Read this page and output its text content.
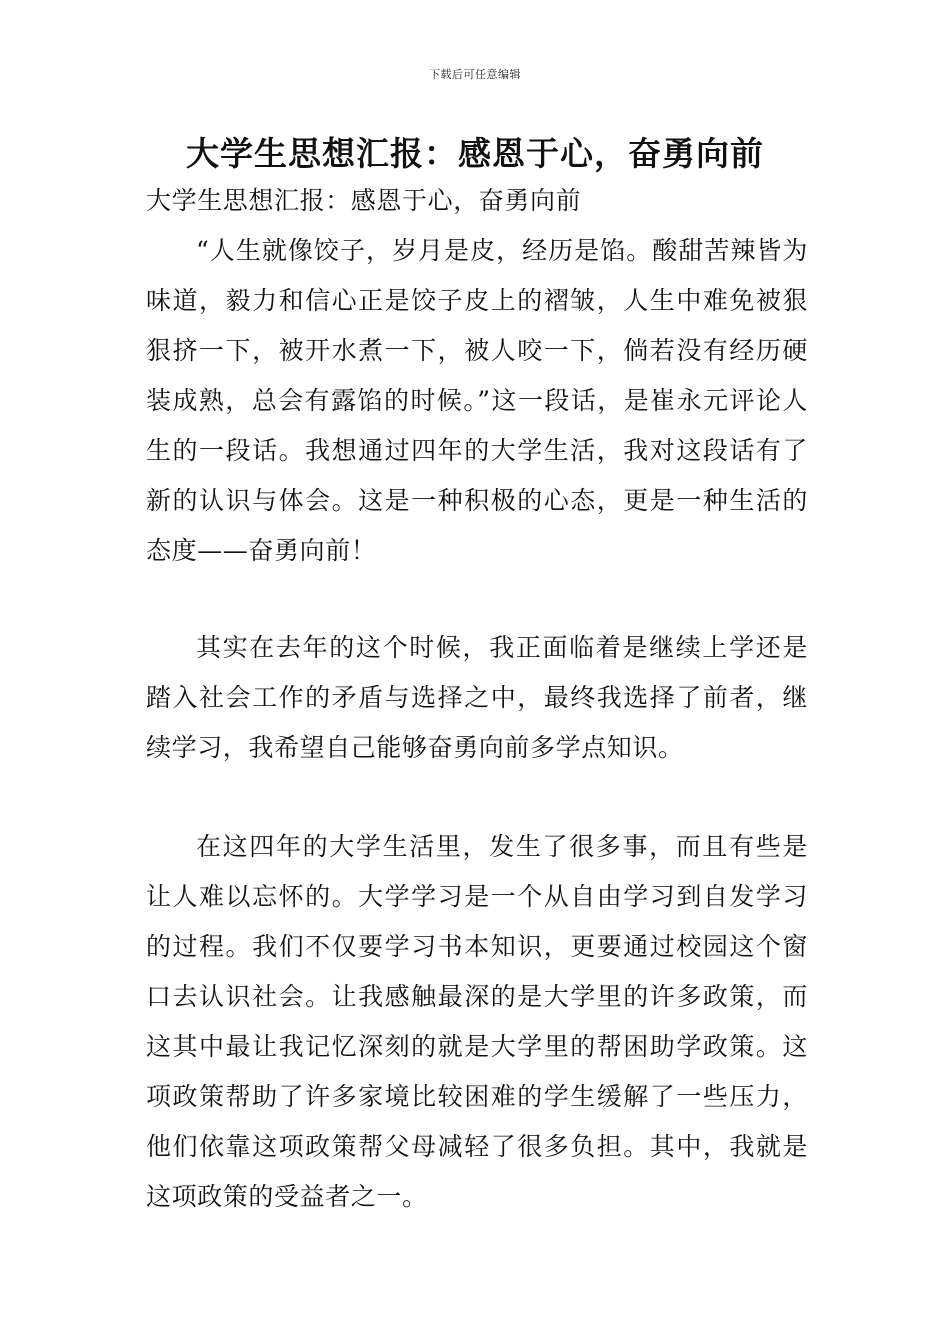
下载后可任意编辑
大学生思想汇报：感恩于心，奋勇向前
大学生思想汇报：感恩于心，奋勇向前
“人生就像饺子，岁月是皮，经历是馅。酸甜苦辣皆为味道，毅力和信心正是饺子皮上的褶皱，人生中难免被狠狠挤一下，被开水煮一下，被人咬一下，倘若没有经历硬装成熟，总会有露馅的时候。”这一段话，是崔永元评论人生的一段话。我想通过四年的大学生活，我对这段话有了新的认识与体会。这是一种积极的心态，更是一种生活的态度——奋勇向前！
其实在去年的这个时候，我正面临着是继续上学还是踏入社会工作的矛盾与选择之中，最终我选择了前者，继续学习，我希望自己能够奋勇向前多学点知识。
在这四年的大学生活里，发生了很多事，而且有些是让人难以忘怀的。大学学习是一个从自由学习到自发学习的过程。我们不仅要学习书本知识，更要通过校园这个窗口去认识社会。让我感触最深的是大学里的许多政策，而这其中最让我记忆深刻的就是大学里的帮困助学政策。这项政策帮助了许多家境比较困难的学生缓解了一些压力，他们依靠这项政策帮父母减轻了很多负担。其中，我就是这项政策的受益者之一。
